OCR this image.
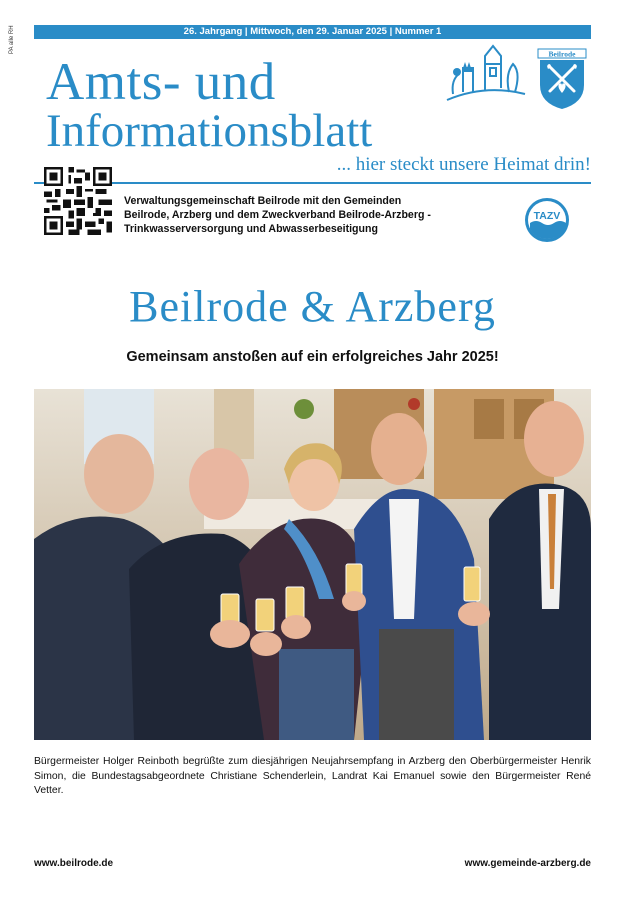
PA alle RH	26. Jahrgang | Mittwoch, den 29. Januar 2025 | Nummer 1
Amts- und
Informationsblatt
Beilrode
... hier steckt unsere Heimat drin!
Verwaltungsgemeinschaft Beilrode mit den Gemeinden
Beilrode, Arzberg und dem Zweckverband Beilrode-Arzberg -
Trinkwasserversorgung und Abwasserbeseitigung
TAZV
Beilrode & Arzberg
Gemeinsam anstoßen auf ein erfolgreiches Jahr 2025!
Bürgermeister Holger Reinboth begrüßte zum diesjährigen Neujahrsempfang in Arzberg den Oberbürgermeister Henrik Simon, die Bundestagsabgeordnete Christiane Schenderlein, Landrat Kai Emanuel sowie den Bürgermeister René Vetter.
www.beilrode.de	www.gemeinde-arzberg.de
